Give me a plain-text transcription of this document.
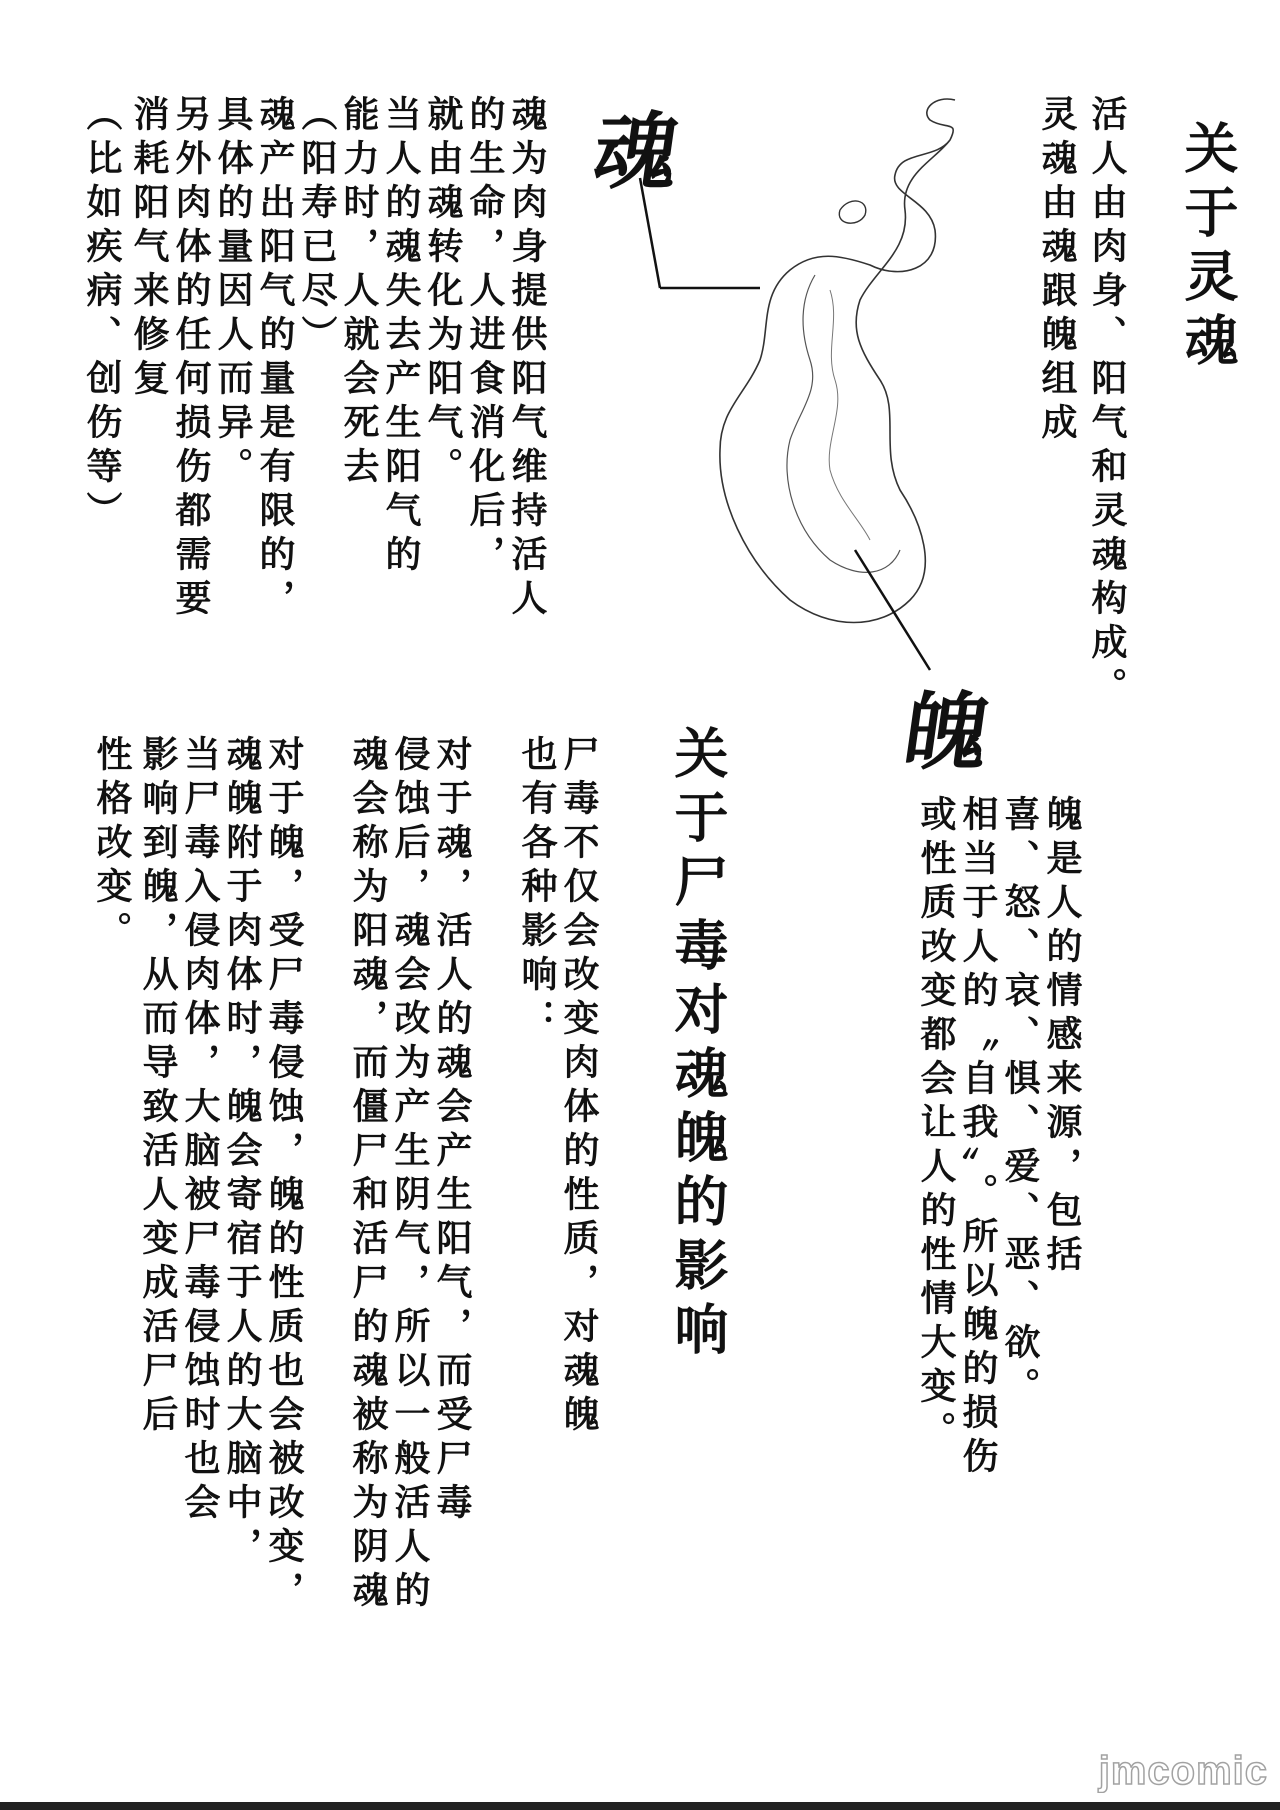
关于灵魂
活人由肉身、阳气和灵魂构成。
灵魂由魂跟魄组成
魂
魄
魂为肉身提供阳气维持活人
的生命，人进食消化后，
就由魂转化为阳气。
当人的魂失去产生阳气的
能力时，人就会死去
（阳寿已尽）
魂产出阳气的量是有限的，
具体的量因人而异。
另外肉体的任何损伤都需要
消耗阳气来修复
（比如疾病、创伤等）
魄是人的情感来源，包括
喜、怒、哀、惧、爱、恶、欲。
相当于人的〝自我〞。所以魄的损伤
或性质改变都会让人的性情大变。
关于尸毒对魂魄的影响
尸毒不仅会改变肉体的性质，对魂魄
也有各种影响：
对于魂，活人的魂会产生阳气，而受尸毒
侵蚀后，魂会改为产生阴气，所以一般活人的
魂会称为阳魂，而僵尸和活尸的魂被称为阴魂
对于魄，受尸毒侵蚀，魄的性质也会被改变，
魂魄附于肉体时，魄会寄宿于人的大脑中，
当尸毒入侵肉体，大脑被尸毒侵蚀时也会
影响到魄，从而导致活人变成活尸后
性格改变。
jmcomic
